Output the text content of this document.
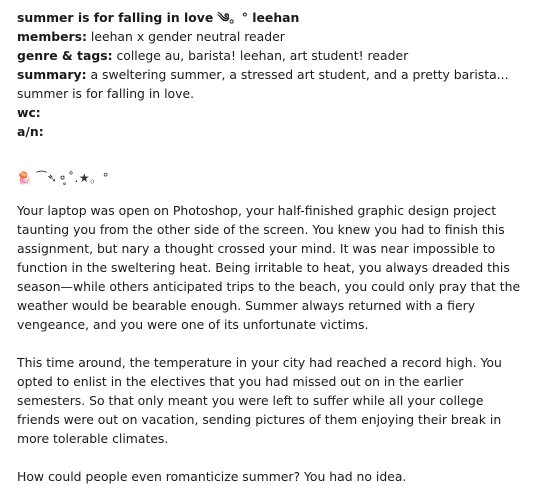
summer is for falling in love ༄。° leehan

members: leehan x gender neutral reader

genre & tags: college au, barista! leehan, art student! reader

summary: a sweltering summer, a stressed art student, and a pretty barista... summer is for falling in love.

wc:

a/n:

🪼 ⁀➴⚬̥˚.★。°

Your laptop was open on Photoshop, your half-finished graphic design project taunting you from the other side of the screen. You knew you had to finish this assignment, but nary a thought crossed your mind. It was near impossible to function in the sweltering heat. Being irritable to heat, you always dreaded this season—while others anticipated trips to the beach, you could only pray that the weather would be bearable enough. Summer always returned with a fiery vengeance, and you were one of its unfortunate victims.

This time around, the temperature in your city had reached a record high. You opted to enlist in the electives that you had missed out on in the earlier semesters. So that only meant you were left to suffer while all your college friends were out on vacation, sending pictures of them enjoying their break in more tolerable climates.

How could people even romanticize summer? You had no idea.
